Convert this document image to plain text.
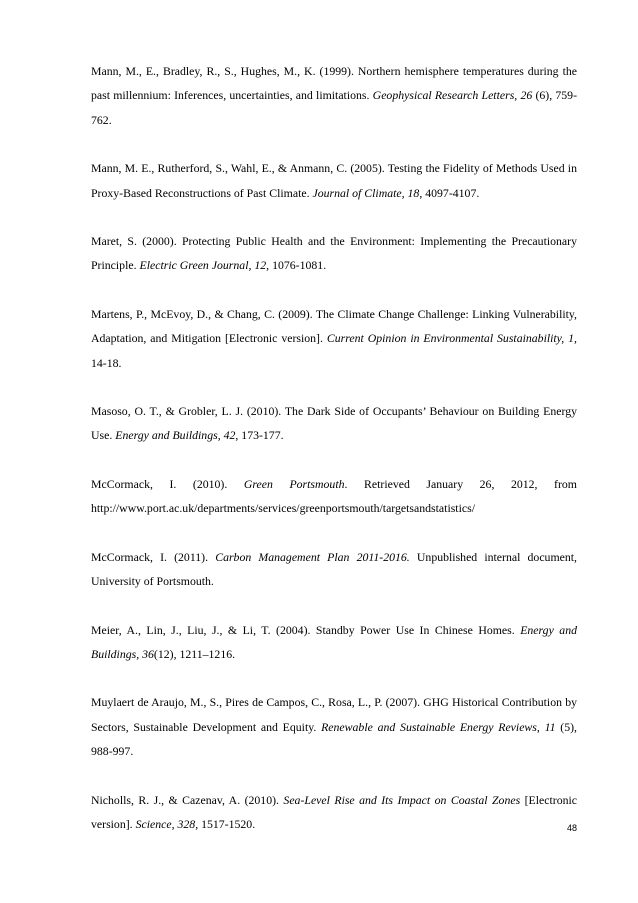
Mann, M., E., Bradley, R., S., Hughes, M., K. (1999). Northern hemisphere temperatures during the past millennium: Inferences, uncertainties, and limitations. Geophysical Research Letters, 26 (6), 759-762.

Mann, M. E., Rutherford, S., Wahl, E., & Anmann, C. (2005). Testing the Fidelity of Methods Used in Proxy-Based Reconstructions of Past Climate. Journal of Climate, 18, 4097-4107.

Maret, S. (2000). Protecting Public Health and the Environment: Implementing the Precautionary Principle. Electric Green Journal, 12, 1076-1081.

Martens, P., McEvoy, D., & Chang, C. (2009). The Climate Change Challenge: Linking Vulnerability, Adaptation, and Mitigation [Electronic version]. Current Opinion in Environmental Sustainability, 1, 14-18.

Masoso, O. T., & Grobler, L. J. (2010). The Dark Side of Occupants’ Behaviour on Building Energy Use. Energy and Buildings, 42, 173-177.

McCormack, I. (2010). Green Portsmouth. Retrieved January 26, 2012, from http://www.port.ac.uk/departments/services/greenportsmouth/targetsandstatistics/

McCormack, I. (2011). Carbon Management Plan 2011-2016. Unpublished internal document, University of Portsmouth.

Meier, A., Lin, J., Liu, J., & Li, T. (2004). Standby Power Use In Chinese Homes. Energy and Buildings, 36(12), 1211–1216.

Muylaert de Araujo, M., S., Pires de Campos, C., Rosa, L., P. (2007). GHG Historical Contribution by Sectors, Sustainable Development and Equity. Renewable and Sustainable Energy Reviews, 11 (5), 988-997.

Nicholls, R. J., & Cazenav, A. (2010). Sea-Level Rise and Its Impact on Coastal Zones [Electronic version]. Science, 328, 1517-1520.	48
